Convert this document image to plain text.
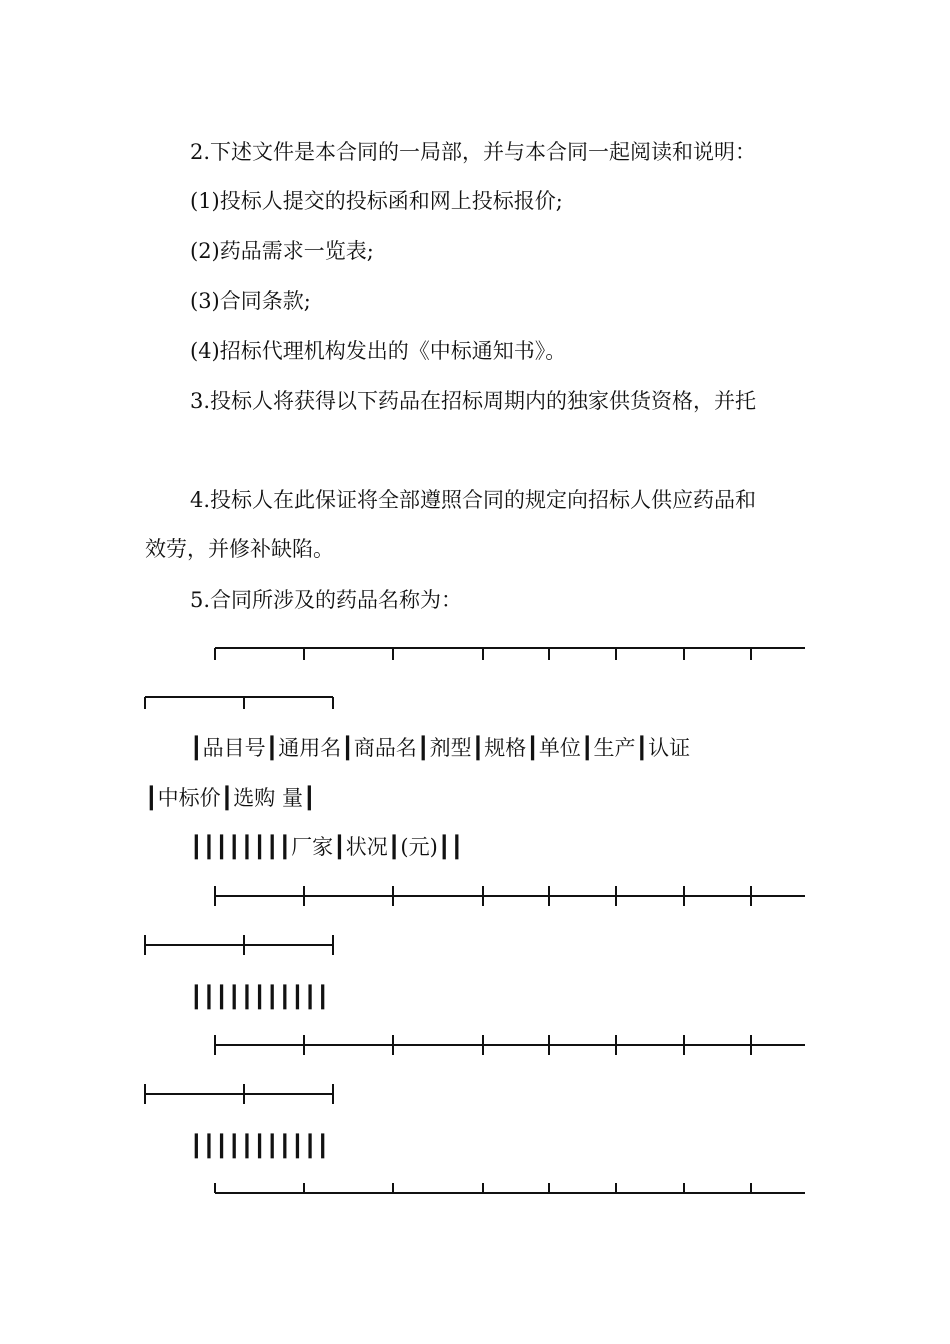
2.下述文件是本合同的一局部，并与本合同一起阅读和说明：
(1)投标人提交的投标函和网上投标报价;
(2)药品需求一览表;
(3)合同条款;
(4)招标代理机构发出的《中标通知书》。
3.投标人将获得以下药品在招标周期内的独家供货资格，并托

4.投标人在此保证将全部遵照合同的规定向招标人供应药品和
效劳，并修补缺陷。
5.合同所涉及的药品名称为：
┃品目号┃通用名┃商品名┃剂型┃规格┃单位┃生产┃认证
┃中标价┃选购 量┃
┃┃┃┃┃┃┃┃厂家┃状况┃(元)┃┃
┃┃┃┃┃┃┃┃┃┃┃
┃┃┃┃┃┃┃┃┃┃┃
